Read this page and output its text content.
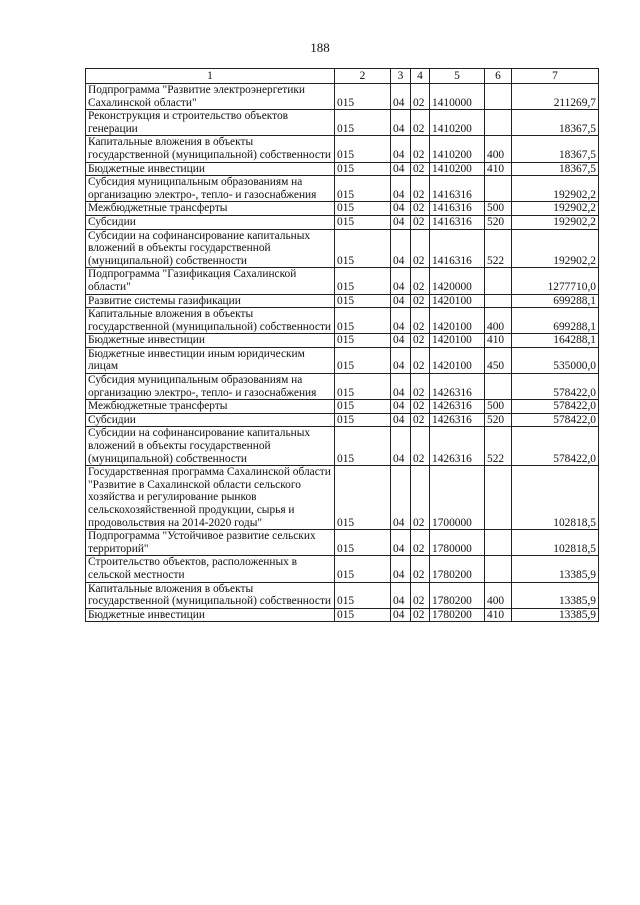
188
1	2	3	4	5	6	7
Подпрограмма "Развитие электроэнергетики Сахалинской области"	015	04	02	1410000		211269,7
Реконструкция и строительство объектов генерации	015	04	02	1410200		18367,5
Капитальные вложения в объекты государственной (муниципальной) собственности	015	04	02	1410200	400	18367,5
Бюджетные инвестиции	015	04	02	1410200	410	18367,5
Субсидия муниципальным образованиям на организацию электро-, тепло- и газоснабжения	015	04	02	1416316		192902,2
Межбюджетные трансферты	015	04	02	1416316	500	192902,2
Субсидии	015	04	02	1416316	520	192902,2
Субсидии на софинансирование капитальных вложений в объекты государственной (муниципальной) собственности	015	04	02	1416316	522	192902,2
Подпрограмма "Газификация Сахалинской области"	015	04	02	1420000		1277710,0
Развитие системы газификации	015	04	02	1420100		699288,1
Капитальные вложения в объекты государственной (муниципальной) собственности	015	04	02	1420100	400	699288,1
Бюджетные инвестиции	015	04	02	1420100	410	164288,1
Бюджетные инвестиции иным юридическим лицам	015	04	02	1420100	450	535000,0
Субсидия муниципальным образованиям на организацию электро-, тепло- и газоснабжения	015	04	02	1426316		578422,0
Межбюджетные трансферты	015	04	02	1426316	500	578422,0
Субсидии	015	04	02	1426316	520	578422,0
Субсидии на софинансирование капитальных вложений в объекты государственной (муниципальной) собственности	015	04	02	1426316	522	578422,0
Государственная программа Сахалинской области "Развитие в Сахалинской области сельского хозяйства и регулирование рынков сельскохозяйственной продукции, сырья и продовольствия на 2014-2020 годы"	015	04	02	1700000		102818,5
Подпрограмма "Устойчивое развитие сельских территорий"	015	04	02	1780000		102818,5
Строительство объектов, расположенных в сельской местности	015	04	02	1780200		13385,9
Капитальные вложения в объекты государственной (муниципальной) собственности	015	04	02	1780200	400	13385,9
Бюджетные инвестиции	015	04	02	1780200	410	13385,9
